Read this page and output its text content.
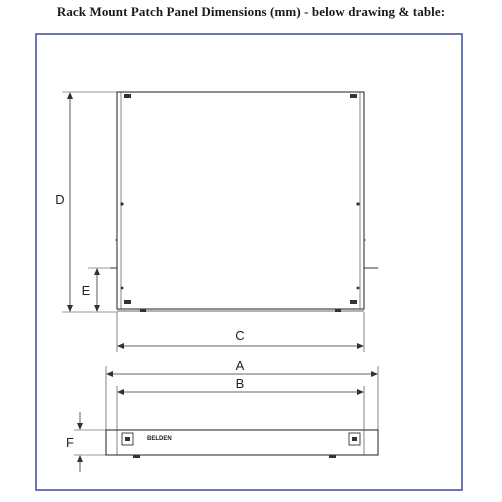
Rack Mount Patch Panel Dimensions (mm) - below drawing & table:
D
E
C
A
B
BELDEN
F
